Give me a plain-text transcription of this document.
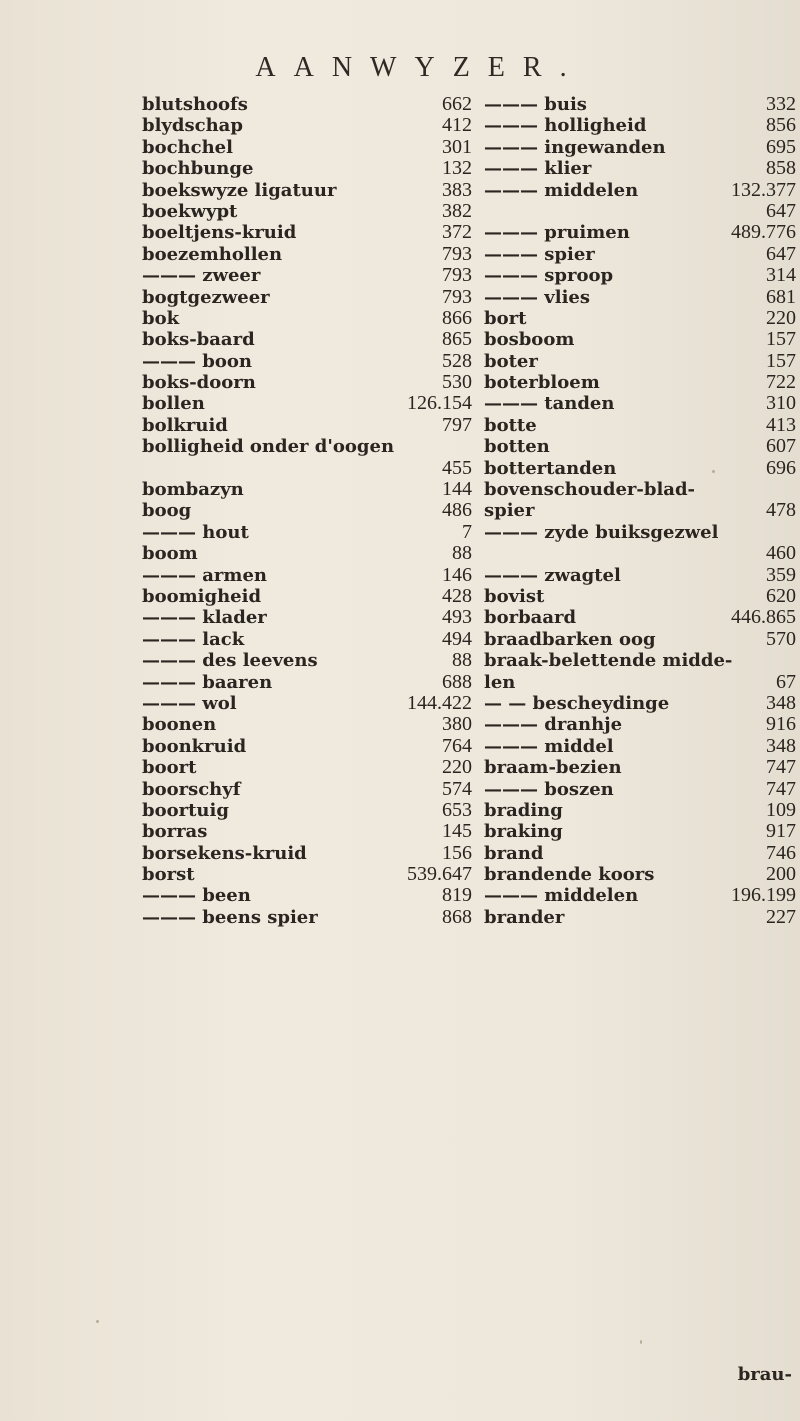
AANWYZER.
blutshoofs	662
blydschap	412
bochchel	301
bochbunge	132
boekswyze ligatuur	383
boekwypt	382
boeltjens-kruid	372
boezemhollen	793
——— zweer	793
bogtgezweer	793
bok	866
boks-baard	865
——— boon	528
boks-doorn	530
bollen	126.154
bolkruid	797
bolligheid onder d'oogen
455
bombazyn	144
boog	486
——— hout	7
boom	88
——— armen	146
boomigheid	428
——— klader	493
——— lack	494
——— des leevens	88
——— baaren	688
——— wol	144.422
boonen	380
boonkruid	764
boort	220
boorschyf	574
boortuig	653
borras	145
borsekens-kruid	156
borst	539.647
——— been	819
——— beens spier	868
——— buis	332
——— holligheid	856
——— ingewanden	695
——— klier	858
——— middelen	132.377
647
——— pruimen	489.776
——— spier	647
——— sproop	314
——— vlies	681
bort	220
bosboom	157
boter	157
boterbloem	722
——— tanden	310
botte	413
botten	607
bottertanden	696
bovenschouder-blad-
spier	478
——— zyde buiksgezwel
460
——— zwagtel	359
bovist	620
borbaard	446.865
braadbarken oog	570
braak-belettende midde-
len	67
— — bescheydinge	348
——— dranhje	916
——— middel	348
braam-bezien	747
——— boszen	747
brading	109
braking	917
brand	746
brandende koors	200
——— middelen	196.199
brander	227
brau-
